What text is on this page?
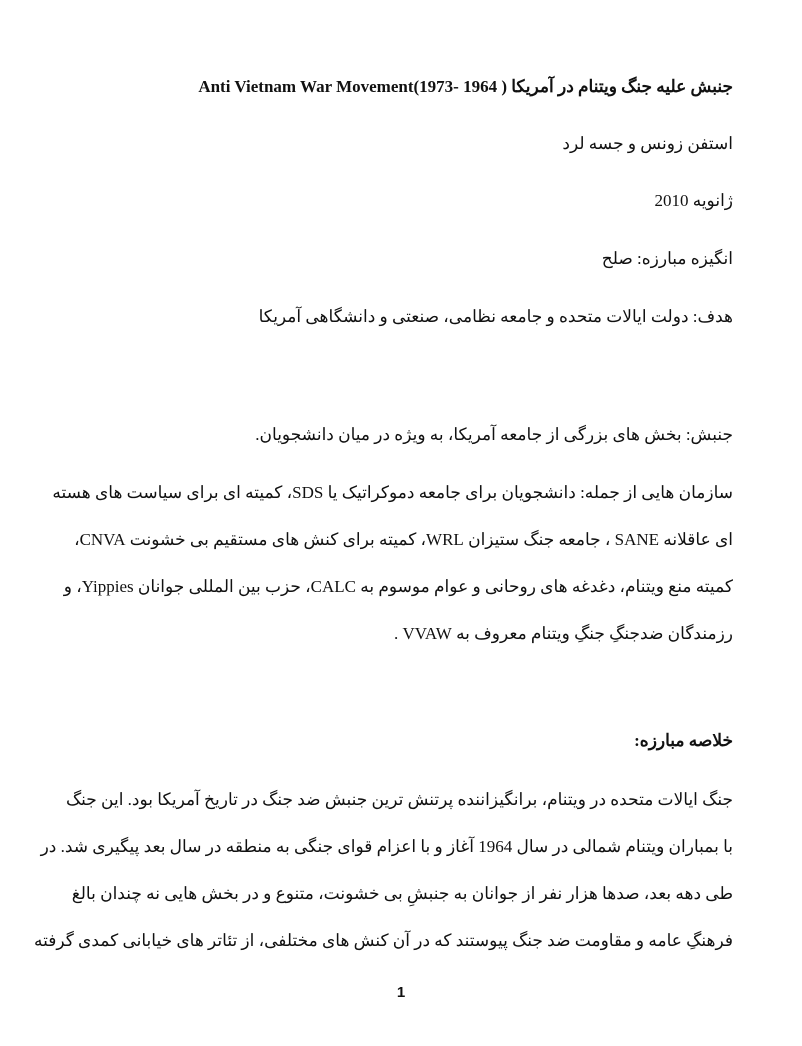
جنبش علیه جنگ ویتنام در آمریکا ( 1964 -1973)Anti Vietnam War Movement
استفن زونس و جسه لرد
ژانویه 2010
انگیزه مبارزه: صلح
هدف: دولت ایالات متحده و جامعه نظامی، صنعتی و دانشگاهی آمریکا
جنبش: بخش های بزرگی از جامعه آمریکا، به ویژه در میان دانشجویان.
سازمان هایی از جمله: دانشجویان برای جامعه دموکراتیک یا SDS، کمیته ای برای سیاست های هسته
ای عاقلانه SANE ، جامعه جنگ ستیزان WRL، کمیته برای کنش های مستقیم بی خشونت CNVA،
کمیته منع ویتنام، دغدغه های روحانی و عوام موسوم به CALC، حزب بین المللی جوانان Yippies، و
رزمندگان ضدجنگِ جنگِ ویتنام معروف به VVAW .
خلاصه مبارزه:
جنگ ایالات متحده در ویتنام، برانگیزاننده پرتنش ترین جنبش ضد جنگ در تاریخ آمریکا بود. این جنگ
با بمباران ویتنام شمالی در سال 1964 آغاز و با اعزام قوای جنگی به منطقه در سال بعد پیگیری شد. در
طی دهه بعد، صدها هزار نفر از جوانان به جنبشِ بی خشونت، متنوع و در بخش هایی نه چندان بالغ
فرهنگِ عامه و مقاومت ضد جنگ پیوستند که در آن کنش های مختلفی، از تئاتر های خیابانی کمدی گرفته
1
